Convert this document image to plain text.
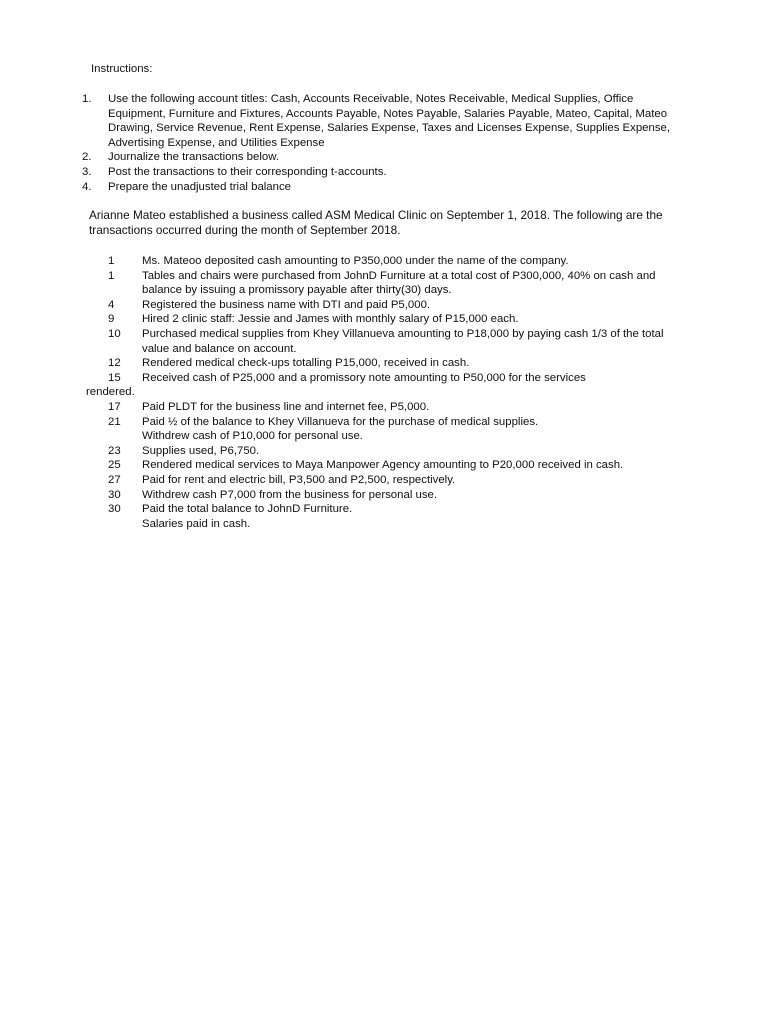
Instructions:
1.	Use the following account titles: Cash, Accounts Receivable, Notes Receivable, Medical Supplies, Office Equipment, Furniture and Fixtures, Accounts Payable, Notes Payable, Salaries Payable, Mateo, Capital, Mateo Drawing, Service Revenue, Rent Expense, Salaries Expense, Taxes and Licenses Expense, Supplies Expense, Advertising Expense, and Utilities Expense
2.	Journalize the transactions below.
3.	Post the transactions to their corresponding t-accounts.
4.	Prepare the unadjusted trial balance

Arianne Mateo established a business called ASM Medical Clinic on September 1, 2018. The following are the transactions occurred during the month of September 2018.

1	Ms. Mateoo deposited cash amounting to P350,000 under the name of the company.
1	Tables and chairs were purchased from JohnD Furniture at a total cost of P300,000, 40% on cash and balance by issuing a promissory payable after thirty(30) days.
4	Registered the business name with DTI and paid P5,000.
9	Hired 2 clinic staff: Jessie and James with monthly salary of P15,000 each.
10	Purchased medical supplies from Khey Villanueva amounting to P18,000 by paying cash 1/3 of the total value and balance on account.
12	Rendered medical check-ups totalling P15,000, received in cash.
15	Received cash of P25,000 and a promissory note amounting to P50,000 for the services
rendered.
17	Paid PLDT for the business line and internet fee, P5,000.
21	Paid ½ of the balance to Khey Villanueva for the purchase of medical supplies.
Withdrew cash of P10,000 for personal use.
23	Supplies used, P6,750.
25	Rendered medical services to Maya Manpower Agency amounting to P20,000 received in cash.
27	Paid for rent and electric bill, P3,500 and P2,500, respectively.
30	Withdrew cash P7,000 from the business for personal use.
30	Paid the total balance to JohnD Furniture.
Salaries paid in cash.
